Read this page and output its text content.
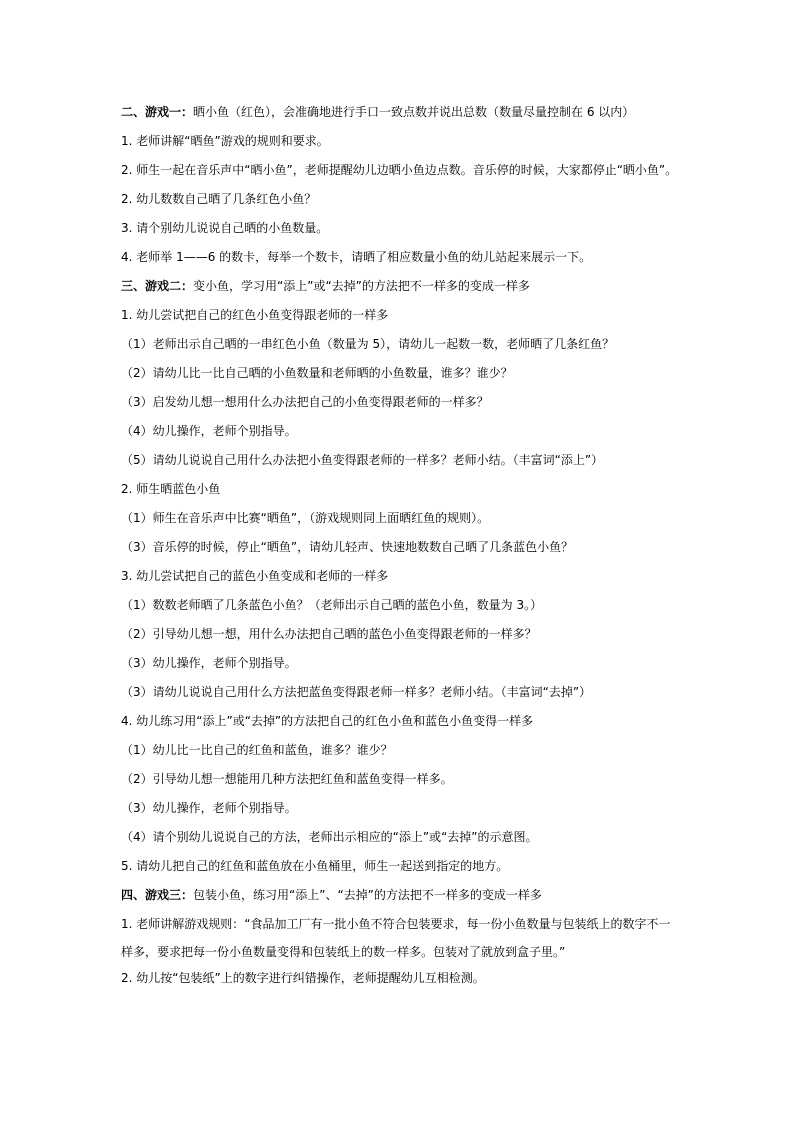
二、游戏一：晒小鱼（红色），会准确地进行手口一致点数并说出总数（数量尽量控制在 6 以内）
1. 老师讲解“晒鱼”游戏的规则和要求。
2. 师生一起在音乐声中“晒小鱼”，老师提醒幼儿边晒小鱼边点数。音乐停的时候，大家都停止“晒小鱼”。
2. 幼儿数数自己晒了几条红色小鱼？
3. 请个别幼儿说说自己晒的小鱼数量。
4. 老师举 1——6 的数卡，每举一个数卡，请晒了相应数量小鱼的幼儿站起来展示一下。
三、游戏二：变小鱼，学习用“添上”或“去掉”的方法把不一样多的变成一样多
1. 幼儿尝试把自己的红色小鱼变得跟老师的一样多
（1）老师出示自己晒的一串红色小鱼（数量为 5），请幼儿一起数一数，老师晒了几条红鱼？
（2）请幼儿比一比自己晒的小鱼数量和老师晒的小鱼数量，谁多？谁少？
（3）启发幼儿想一想用什么办法把自己的小鱼变得跟老师的一样多？
（4）幼儿操作，老师个别指导。
（5）请幼儿说说自己用什么办法把小鱼变得跟老师的一样多？老师小结。（丰富词“添上”）
2. 师生晒蓝色小鱼
（1）师生在音乐声中比赛“晒鱼”，（游戏规则同上面晒红鱼的规则）。
（3）音乐停的时候，停止“晒鱼”，请幼儿轻声、快速地数数自己晒了几条蓝色小鱼？
3. 幼儿尝试把自己的蓝色小鱼变成和老师的一样多
（1）数数老师晒了几条蓝色小鱼？（老师出示自己晒的蓝色小鱼，数量为 3。）
（2）引导幼儿想一想，用什么办法把自己晒的蓝色小鱼变得跟老师的一样多？
（3）幼儿操作，老师个别指导。
（3）请幼儿说说自己用什么方法把蓝鱼变得跟老师一样多？老师小结。（丰富词“去掉”）
4. 幼儿练习用“添上”或“去掉”的方法把自己的红色小鱼和蓝色小鱼变得一样多
（1）幼儿比一比自己的红鱼和蓝鱼，谁多？谁少？
（2）引导幼儿想一想能用几种方法把红鱼和蓝鱼变得一样多。
（3）幼儿操作，老师个别指导。
（4）请个别幼儿说说自己的方法，老师出示相应的“添上”或“去掉”的示意图。
5. 请幼儿把自己的红鱼和蓝鱼放在小鱼桶里，师生一起送到指定的地方。
四、游戏三：包装小鱼，练习用“添上”、“去掉”的方法把不一样多的变成一样多
1. 老师讲解游戏规则：“食品加工厂有一批小鱼不符合包装要求，每一份小鱼数量与包装纸上的数字不一样多，要求把每一份小鱼数量变得和包装纸上的数一样多。包装对了就放到盒子里。”
2. 幼儿按“包装纸”上的数字进行纠错操作，老师提醒幼儿互相检测。
